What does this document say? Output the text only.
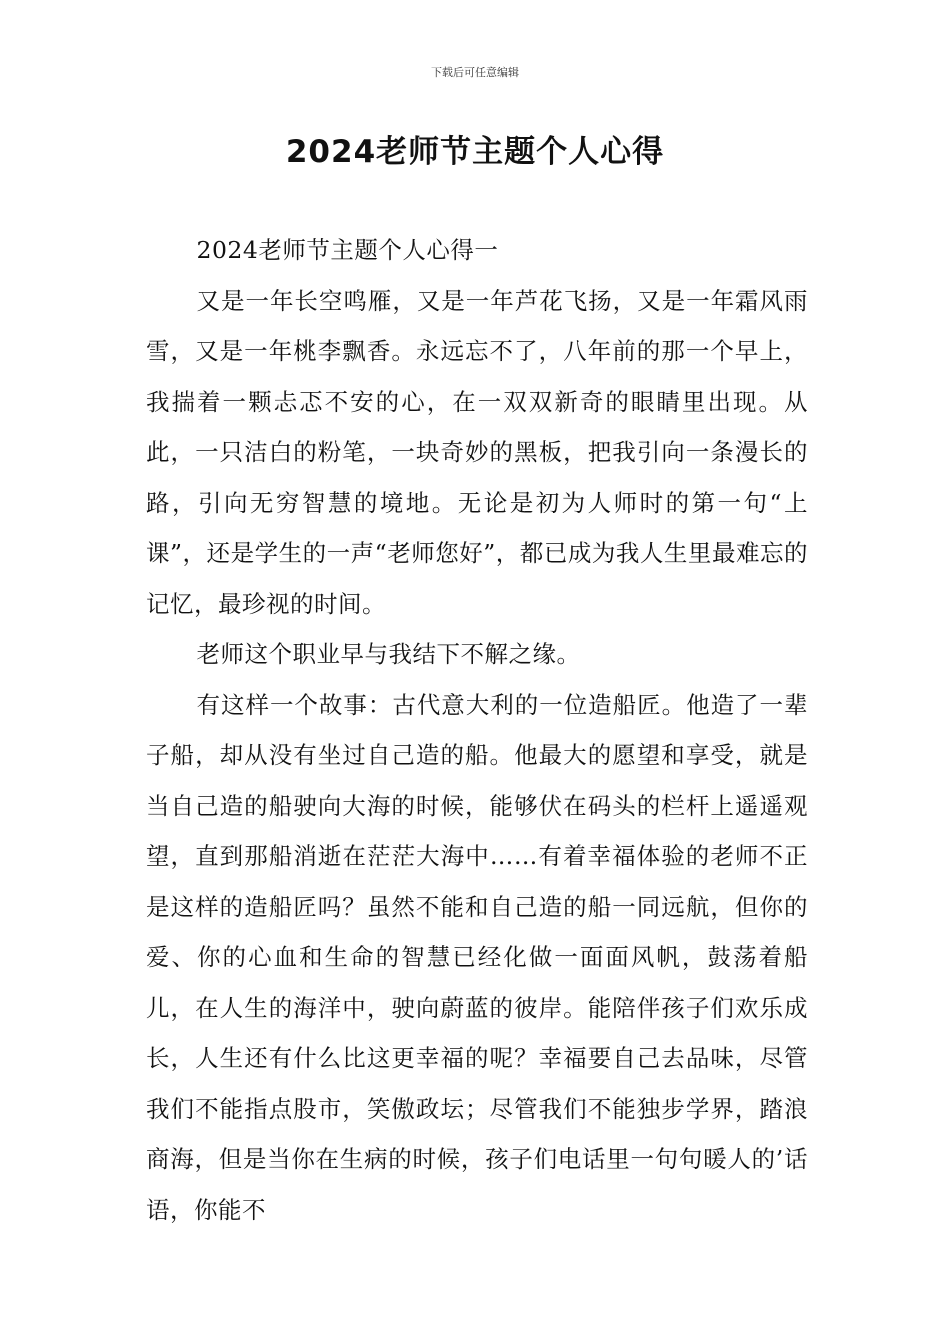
下载后可任意编辑
2024老师节主题个人心得

2024老师节主题个人心得一

又是一年长空鸣雁，又是一年芦花飞扬，又是一年霜风雨雪，又是一年桃李飘香。永远忘不了，八年前的那一个早上，我揣着一颗忐忑不安的心，在一双双新奇的眼睛里出现。从此，一只洁白的粉笔，一块奇妙的黑板，把我引向一条漫长的路，引向无穷智慧的境地。无论是初为人师时的第一句“上课”，还是学生的一声“老师您好”，都已成为我人生里最难忘的记忆，最珍视的时间。

老师这个职业早与我结下不解之缘。

有这样一个故事：古代意大利的一位造船匠。他造了一辈子船，却从没有坐过自己造的船。他最大的愿望和享受，就是当自己造的船驶向大海的时候，能够伏在码头的栏杆上遥遥观望，直到那船消逝在茫茫大海中……有着幸福体验的老师不正是这样的造船匠吗？虽然不能和自己造的船一同远航，但你的爱、你的心血和生命的智慧已经化做一面面风帆，鼓荡着船儿，在人生的海洋中，驶向蔚蓝的彼岸。能陪伴孩子们欢乐成长，人生还有什么比这更幸福的呢？幸福要自己去品味，尽管我们不能指点股市，笑傲政坛；尽管我们不能独步学界，踏浪商海，但是当你在生病的时候，孩子们电话里一句句暖人的’话语，你能不
